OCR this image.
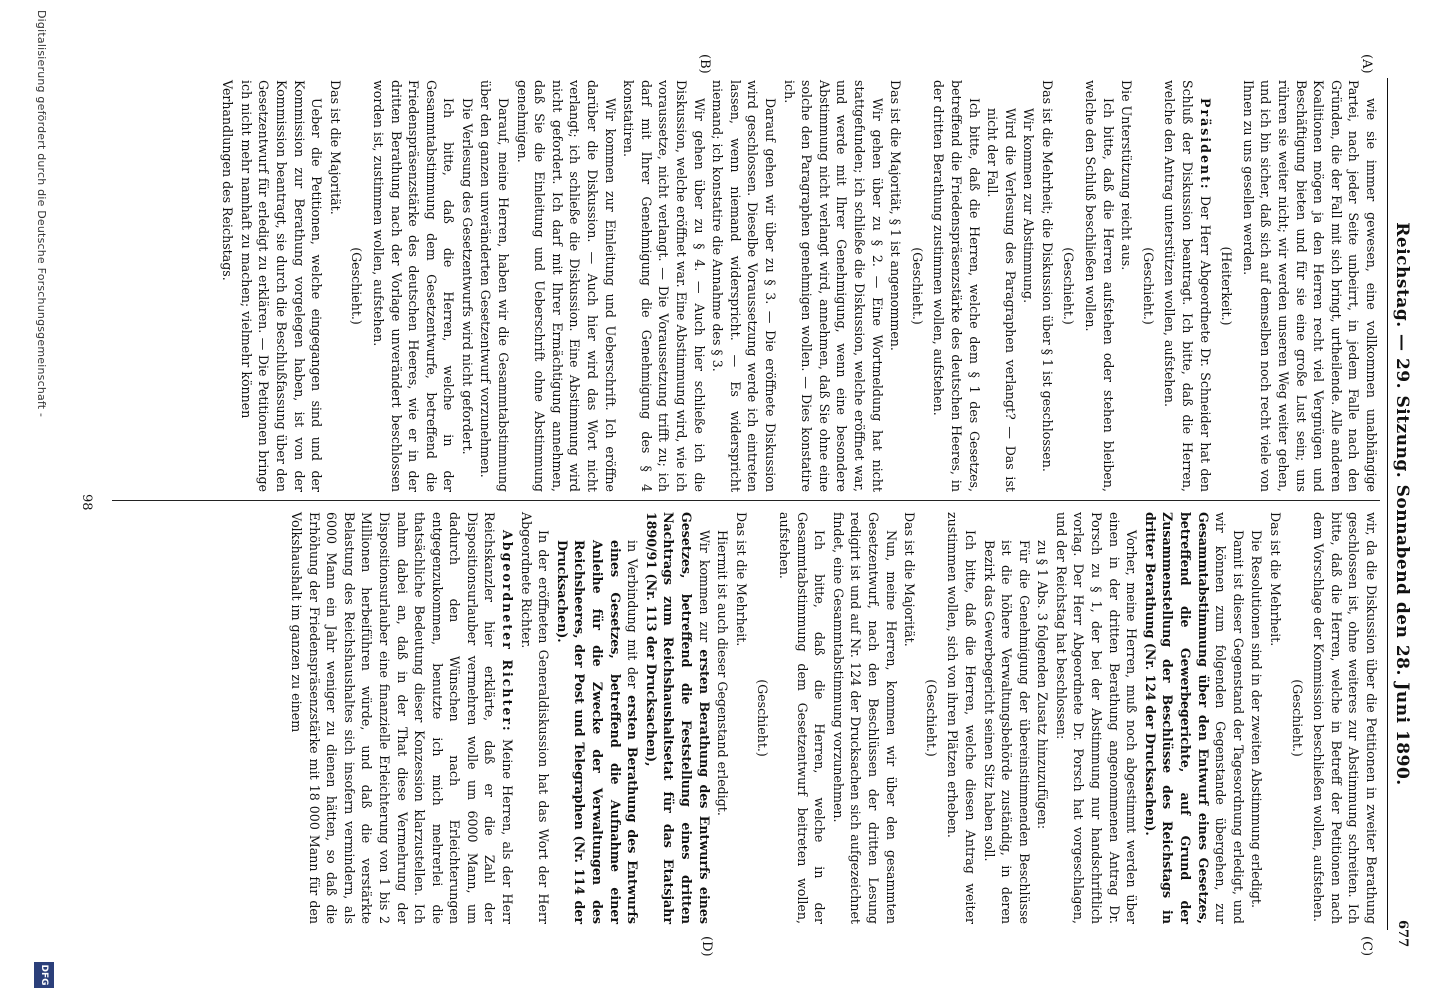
Reichstag. — 29. Sitzung. Sonnabend den 28. Juni 1890.
(A)
(B)
(C)
(D)	677

wie sie immer gewesen, eine vollkommen unabhängige Partei, nach jeder Seite unbeirrt, in jedem Falle nach den Gründen, die der Fall mit sich bringt, urtheilende. Alle anderen Koalitionen mögen ja den Herren recht viel Vergnügen und Beschäftigung bieten und für sie eine große Lust sein; uns rühren sie weiter nicht; wir werden unseren Weg weiter gehen, und ich bin sicher, daß sich auf demselben noch recht viele von Ihnen zu uns gesellen werden.

(Heiterkeit.)

Präsident: Der Herr Abgeordnete Dr. Schneider hat den Schluß der Diskussion beantragt. Ich bitte, daß die Herren, welche den Antrag unterstützen wollen, aufstehen.

(Geschieht.)

Die Unterstützung reicht aus.

Ich bitte, daß die Herren aufstehen oder stehen bleiben, welche den Schluß beschließen wollen.

(Geschieht.)

Das ist die Mehrheit; die Diskussion über § 1 ist geschlossen.

Wir kommen zur Abstimmung.

Wird die Verlesung des Paragraphen verlangt? — Das ist nicht der Fall.

Ich bitte, daß die Herren, welche dem § 1 des Gesetzes, betreffend die Friedenspräsenzstärke des deutschen Heeres, in der dritten Berathung zustimmen wollen, aufstehen.

(Geschieht.)

Das ist die Majorität, § 1 ist angenommen.

Wir gehen über zu § 2. — Eine Wortmeldung hat nicht stattgefunden; ich schließe die Diskussion, welche eröffnet war, und werde mit Ihrer Genehmigung, wenn eine besondere Abstimmung nicht verlangt wird, annehmen, daß Sie ohne eine solche den Paragraphen genehmigen wollen. — Dies konstatire ich.

Darauf gehen wir über zu § 3. — Die eröffnete Diskussion wird geschlossen. Dieselbe Voraussetzung werde ich eintreten lassen, wenn niemand widerspricht. — Es widerspricht niemand; ich konstatire die Annahme des § 3.

Wir gehen über zu § 4. — Auch hier schließe ich die Diskussion, welche eröffnet war. Eine Abstimmung wird, wie ich voraussetze, nicht verlangt. — Die Voraussetzung trifft zu; ich darf mit Ihrer Genehmigung die Genehmigung des § 4 konstatiren.

Wir kommen zur Einleitung und Ueberschrift. Ich eröffne darüber die Diskussion. — Auch hier wird das Wort nicht verlangt; ich schließe die Diskussion. Eine Abstimmung wird nicht gefordert. Ich darf mit Ihrer Ermächtigung annehmen, daß Sie die Einleitung und Ueberschrift ohne Abstimmung genehmigen.

Darauf, meine Herren, haben wir die Gesammtabstimmung über den ganzen unveränderten Gesetzentwurf vorzunehmen.

Die Verlesung des Gesetzentwurfs wird nicht gefordert.

Ich bitte, daß die Herren, welche in der Gesammtabstimmung dem Gesetzentwurfe, betreffend die Friedenspräsenzstärke des deutschen Heeres, wie er in der dritten Berathung nach der Vorlage unverändert beschlossen worden ist, zustimmen wollen, aufstehen.

(Geschieht.)

Das ist die Majorität.

Ueber die Petitionen, welche eingegangen sind und der Kommission zur Berathung vorgelegen haben, ist von der Kommission beantragt, sie durch die Beschlußfassung über den Gesetzentwurf für erledigt zu erklären. — Die Petitionen bringe ich nicht mehr namhaft zu machen; vielmehr können

Verhandlungen des Reichstags.

wir, da die Diskussion über die Petitionen in zweiter Berathung geschlossen ist, ohne weiteres zur Abstimmung schreiten. Ich bitte, daß die Herren, welche in Betreff der Petitionen nach dem Vorschlage der Kommission beschließen wollen, aufstehen.

(Geschieht.)

Das ist die Mehrheit.

Die Resolutionen sind in der zweiten Abstimmung erledigt.

Damit ist dieser Gegenstand der Tagesordnung erledigt, und wir können zum folgenden Gegenstande übergehen, zur Gesammtabstimmung über den Entwurf eines Gesetzes, betreffend die Gewerbegerichte, auf Grund der Zusammenstellung der Beschlüsse des Reichstags in dritter Berathung (Nr. 124 der Drucksachen).

Vorher, meine Herren, muß noch abgestimmt werden über einen in der dritten Berathung angenommenen Antrag Dr. Porsch zu § 1, der bei der Abstimmung nur handschriftlich vorlag. Der Herr Abgeordnete Dr. Porsch hat vorgeschlagen, und der Reichstag hat beschlossen:

zu § 1 Abs. 3 folgenden Zusatz hinzuzufügen:

Für die Genehmigung der übereinstimmenden Beschlüsse ist die höhere Verwaltungsbehörde zuständig, in deren Bezirk das Gewerbegericht seinen Sitz haben soll.

Ich bitte, daß die Herren, welche diesen Antrag weiter zustimmen wollen, sich von ihren Plätzen erheben.

(Geschieht.)

Das ist die Majorität.

Nun, meine Herren, kommen wir über den gesammten Gesetzentwurf, nach den Beschlüssen der dritten Lesung redigirt ist und auf Nr. 124 der Drucksachen sich aufgezeichnet findet, eine Gesammtabstimmung vorzunehmen.

Ich bitte, daß die Herren, welche in der Gesammtabstimmung dem Gesetzentwurf beitreten wollen, aufstehen.

(Geschieht.)

Das ist die Mehrheit.

Hiermit ist auch dieser Gegenstand erledigt.

Wir kommen zur ersten Berathung des Entwurfs eines Gesetzes, betreffend die Feststellung eines dritten Nachtrags zum Reichshaushaltsetat für das Etatsjahr 1890/91 (Nr. 113 der Drucksachen),

in Verbindung mit der ersten Berathung des Entwurfs eines Gesetzes, betreffend die Aufnahme einer Anleihe für die Zwecke der Verwaltungen des Reichsheeres, der Post und Telegraphen (Nr. 114 der Drucksachen).

In der eröffneten Generaldiskussion hat das Wort der Herr Abgeordnete Richter.

Abgeordneter Richter: Meine Herren, als der Herr Reichskanzler hier erklärte, daß er die Zahl der Dispositionsurlauber vermehren wolle um 6000 Mann, um dadurch den Wünschen nach Erleichterungen entgegenzukommen, benutzte ich mich mehrerlei die thatsächliche Bedeutung dieser Konzession klarzustellen. Ich nahm dabei an, daß in der That diese Vermehrung der Dispositionsurlauber eine finanzielle Erleichterung von 1 bis 2 Millionen herbeiführen würde, und daß die verstärkte Belastung des Reichshaushaltes sich insofern vermindern, als 6000 Mann ein Jahr weniger zu dienen hätten, so daß die Erhöhung der Friedenspräsenzstärke mit 18 000 Mann für den Volkshaushalt im ganzen zu einem

98
Digitalisierung gefördert durch die Deutsche Forschungsgemeinschaft -
DFG
